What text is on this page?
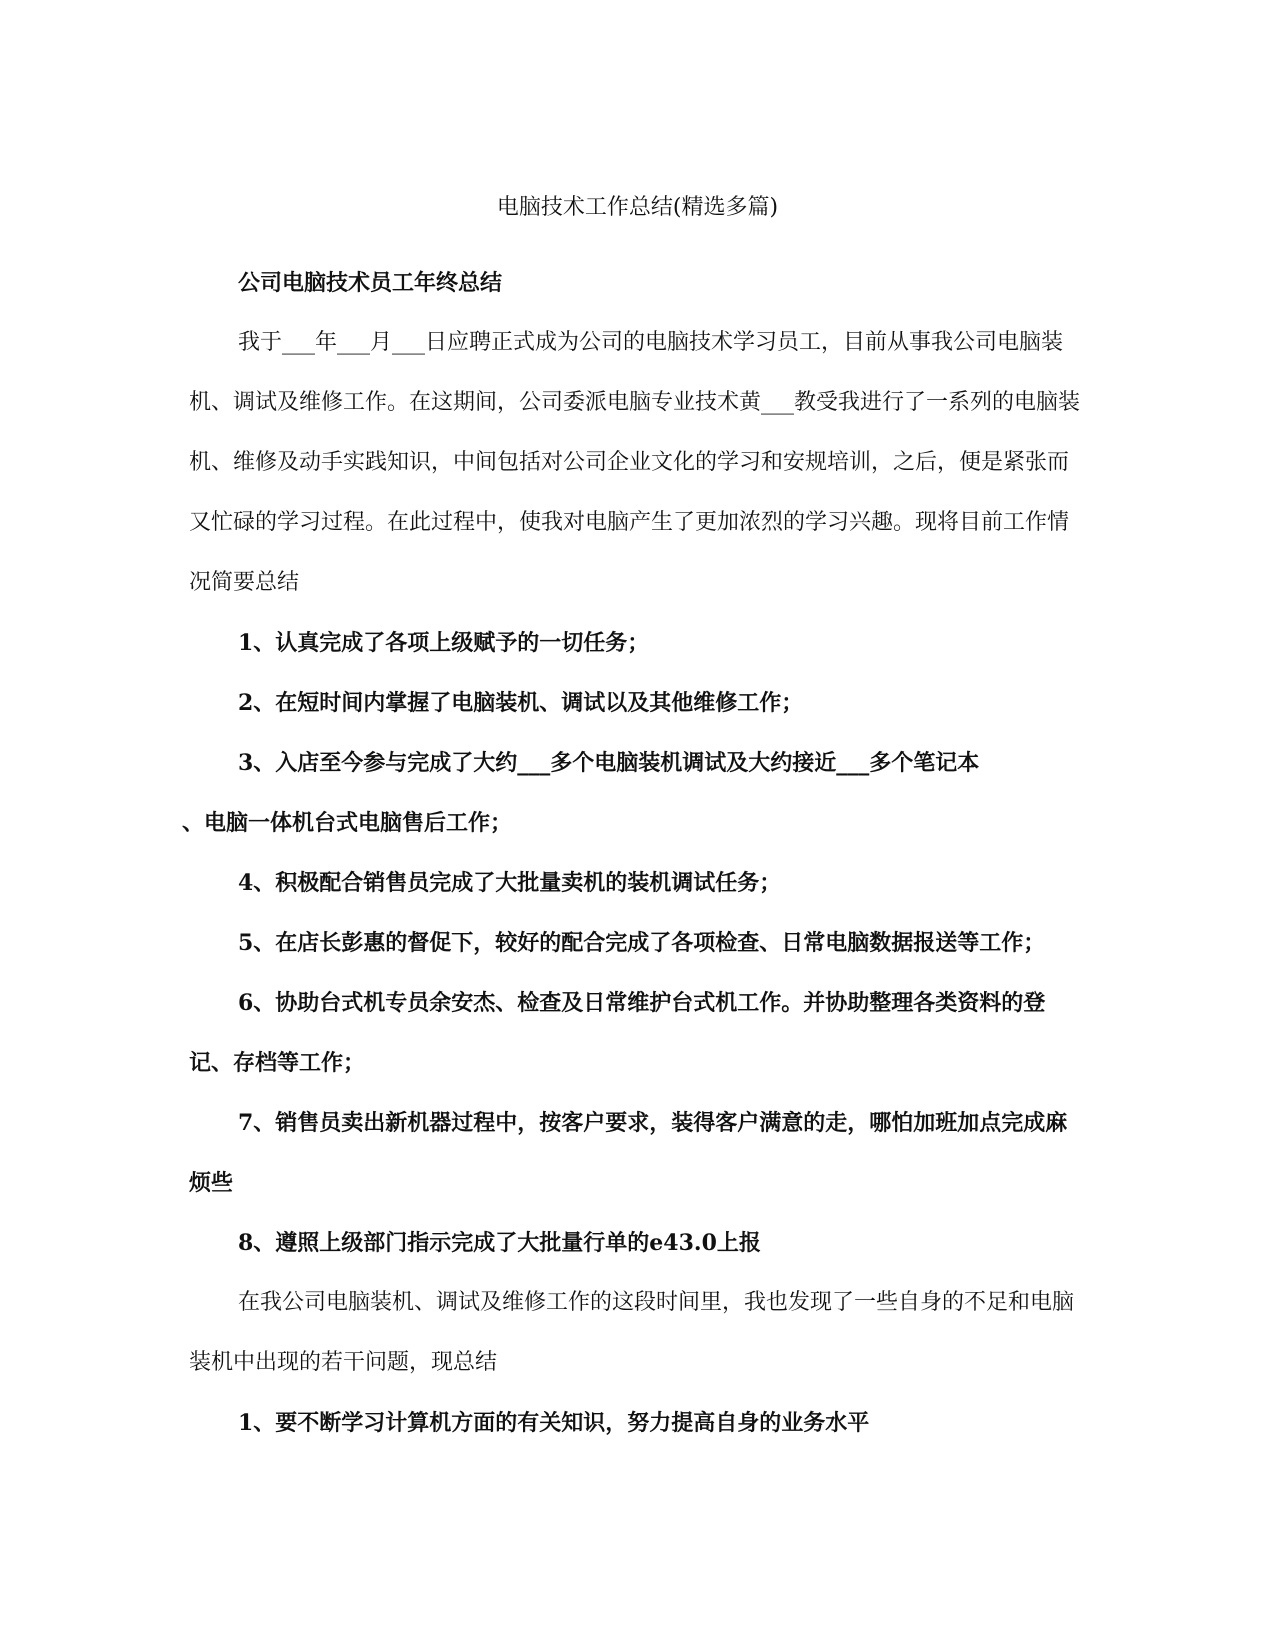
电脑技术工作总结(精选多篇)

公司电脑技术员工年终总结

我于___年___月___日应聘正式成为公司的电脑技术学习员工，目前从事我公司电脑装机、调试及维修工作。在这期间，公司委派电脑专业技术黄___教受我进行了一系列的电脑装机、维修及动手实践知识，中间包括对公司企业文化的学习和安规培训，之后，便是紧张而又忙碌的学习过程。在此过程中，使我对电脑产生了更加浓烈的学习兴趣。现将目前工作情况简要总结

1、认真完成了各项上级赋予的一切任务；

2、在短时间内掌握了电脑装机、调试以及其他维修工作；

3、入店至今参与完成了大约___多个电脑装机调试及大约接近___多个笔记本

、电脑一体机台式电脑售后工作；

4、积极配合销售员完成了大批量卖机的装机调试任务；

5、在店长彭惠的督促下，较好的配合完成了各项检查、日常电脑数据报送等工作；

6、协助台式机专员余安杰、检查及日常维护台式机工作。并协助整理各类资料的登记、存档等工作；

7、销售员卖出新机器过程中，按客户要求，装得客户满意的走，哪怕加班加点完成麻烦些

8、遵照上级部门指示完成了大批量行单的e43.0上报

在我公司电脑装机、调试及维修工作的这段时间里，我也发现了一些自身的不足和电脑装机中出现的若干问题，现总结

1、要不断学习计算机方面的有关知识，努力提高自身的业务水平
